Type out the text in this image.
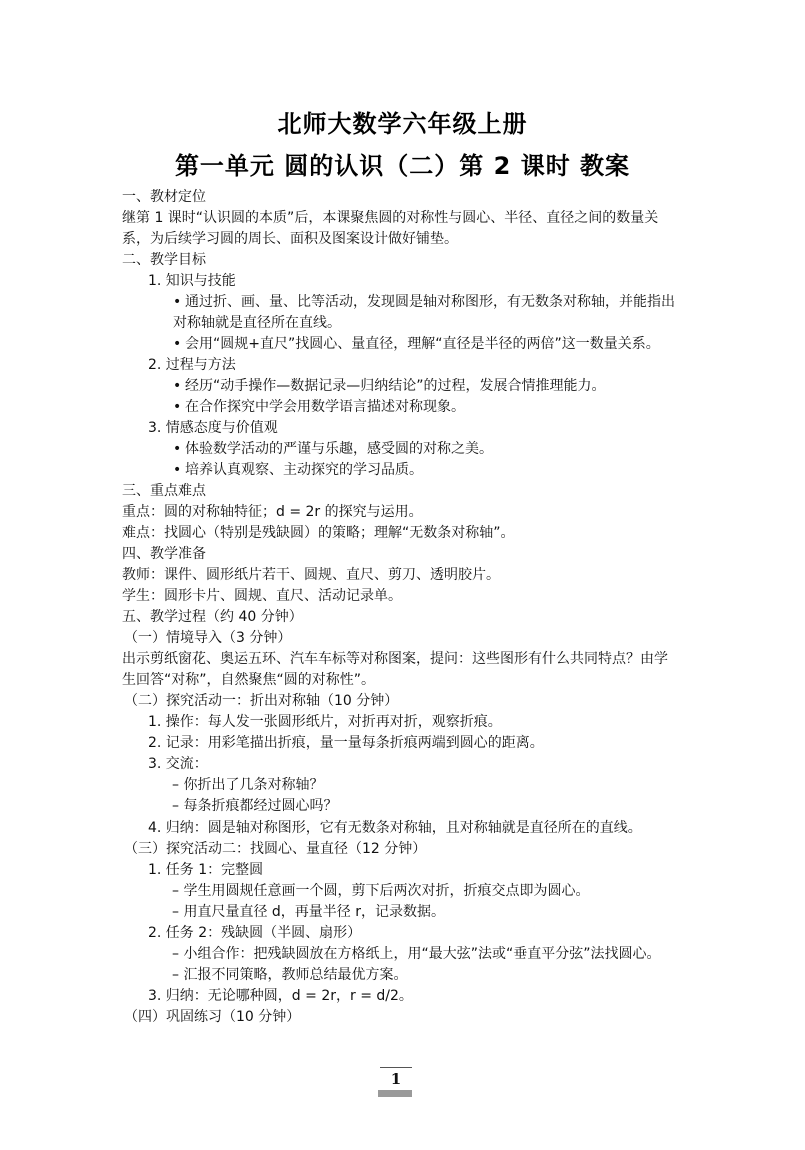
北师大数学六年级上册
第一单元 圆的认识（二）第 2 课时 教案
一、教材定位
继第 1 课时“认识圆的本质”后，本课聚焦圆的对称性与圆心、半径、直径之间的数量关
系，为后续学习圆的周长、面积及图案设计做好铺垫。
二、教学目标
1. 知识与技能
• 通过折、画、量、比等活动，发现圆是轴对称图形，有无数条对称轴，并能指出
对称轴就是直径所在直线。
• 会用“圆规+直尺”找圆心、量直径，理解“直径是半径的两倍”这一数量关系。
2. 过程与方法
• 经历“动手操作—数据记录—归纳结论”的过程，发展合情推理能力。
• 在合作探究中学会用数学语言描述对称现象。
3. 情感态度与价值观
• 体验数学活动的严谨与乐趣，感受圆的对称之美。
• 培养认真观察、主动探究的学习品质。
三、重点难点
重点：圆的对称轴特征；d = 2r 的探究与运用。
难点：找圆心（特别是残缺圆）的策略；理解“无数条对称轴”。
四、教学准备
教师：课件、圆形纸片若干、圆规、直尺、剪刀、透明胶片。
学生：圆形卡片、圆规、直尺、活动记录单。
五、教学过程（约 40 分钟）
（一）情境导入（3 分钟）
出示剪纸窗花、奥运五环、汽车车标等对称图案，提问：这些图形有什么共同特点？由学
生回答“对称”，自然聚焦“圆的对称性”。
（二）探究活动一：折出对称轴（10 分钟）
1. 操作：每人发一张圆形纸片，对折再对折，观察折痕。
2. 记录：用彩笔描出折痕，量一量每条折痕两端到圆心的距离。
3. 交流：
– 你折出了几条对称轴？
– 每条折痕都经过圆心吗？
4. 归纳：圆是轴对称图形，它有无数条对称轴，且对称轴就是直径所在的直线。
（三）探究活动二：找圆心、量直径（12 分钟）
1. 任务 1：完整圆
– 学生用圆规任意画一个圆，剪下后两次对折，折痕交点即为圆心。
– 用直尺量直径 d，再量半径 r，记录数据。
2. 任务 2：残缺圆（半圆、扇形）
– 小组合作：把残缺圆放在方格纸上，用“最大弦”法或“垂直平分弦”法找圆心。
– 汇报不同策略，教师总结最优方案。
3. 归纳：无论哪种圆，d = 2r，r = d/2。
（四）巩固练习（10 分钟）
1
